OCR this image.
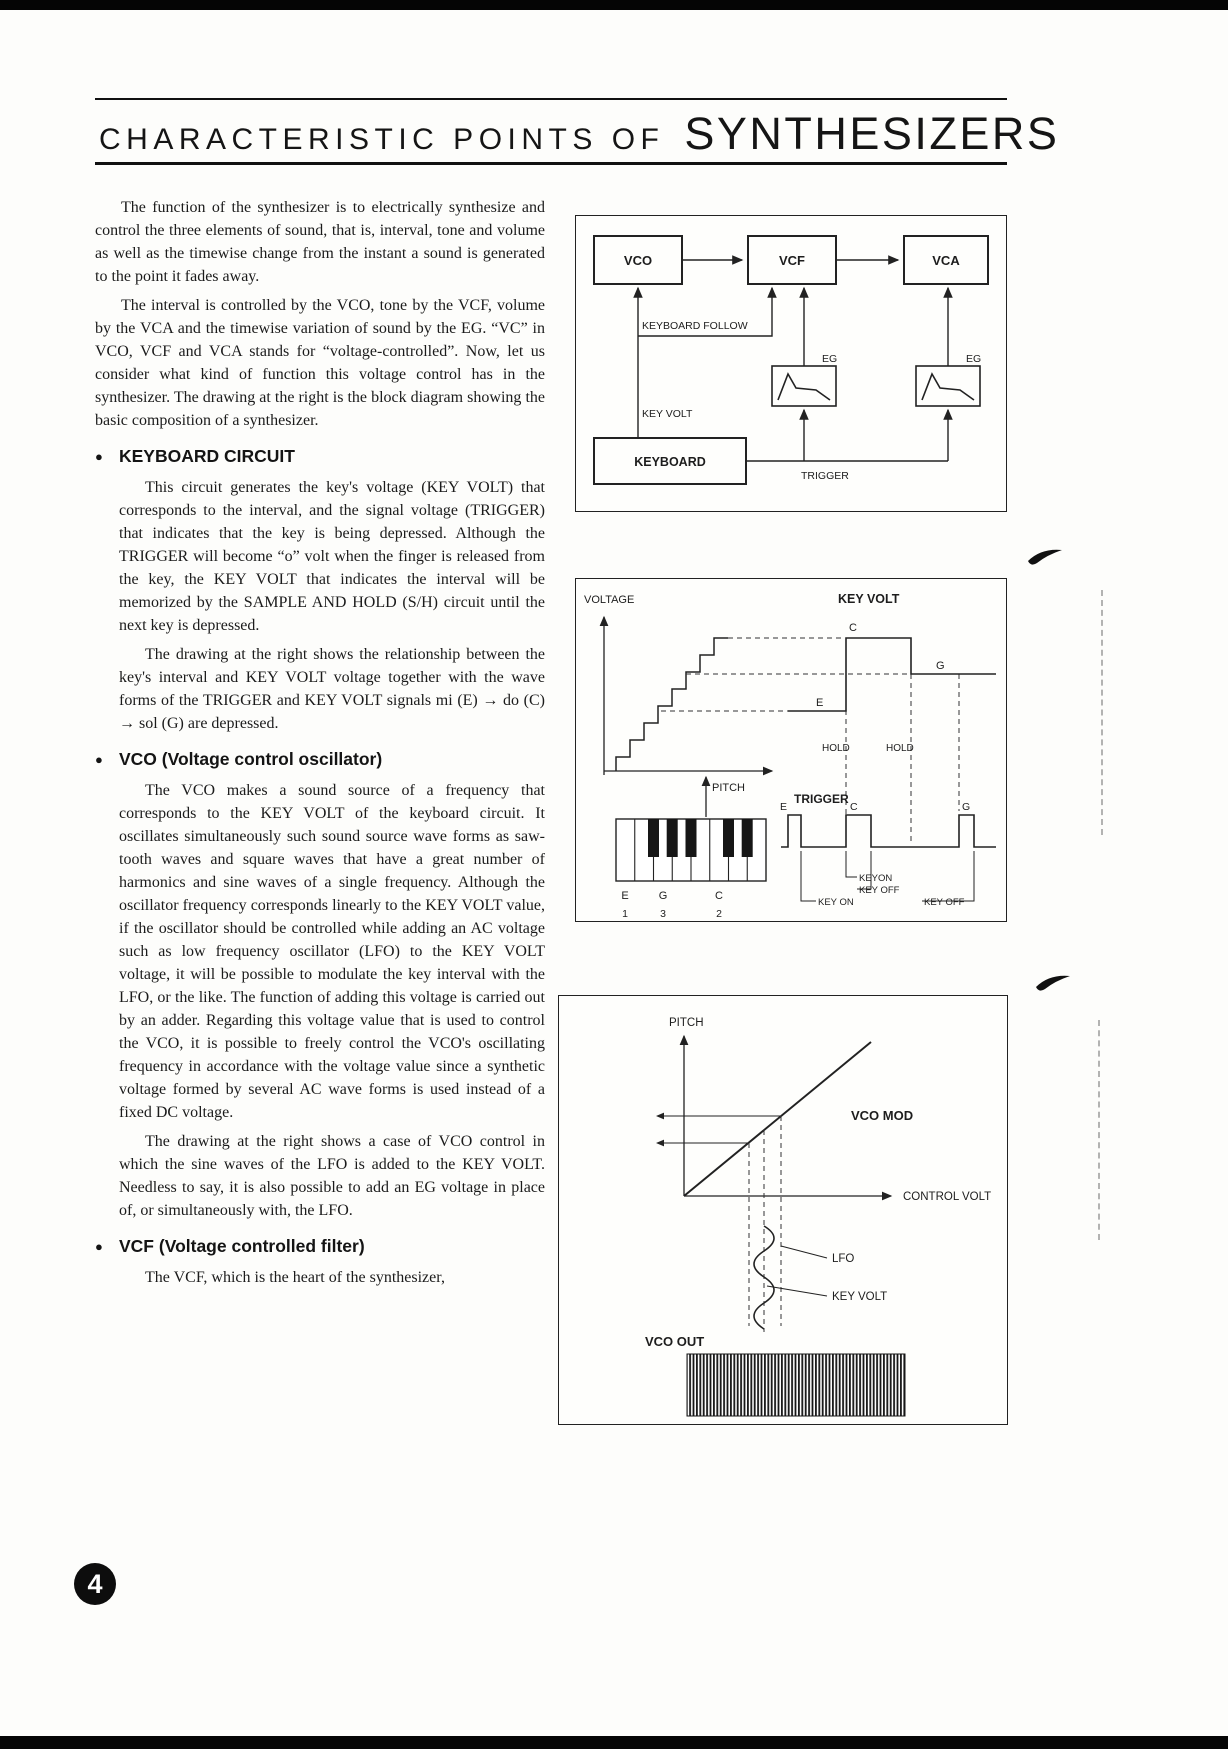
CHARACTERISTIC POINTS OF SYNTHESIZERS

The function of the synthesizer is to electrically synthesize and control the three elements of sound, that is, interval, tone and volume as well as the timewise change from the instant a sound is generated to the point it fades away.

The interval is controlled by the VCO, tone by the VCF, volume by the VCA and the timewise variation of sound by the EG. “VC” in VCO, VCF and VCA stands for “voltage-controlled”. Now, let us consider what kind of function this voltage control has in the synthesizer. The drawing at the right is the block diagram showing the basic composition of a synthesizer.

● KEYBOARD CIRCUIT

This circuit generates the key's voltage (KEY VOLT) that corresponds to the interval, and the signal voltage (TRIGGER) that indicates that the key is being depressed. Although the TRIGGER will become “o” volt when the finger is released from the key, the KEY VOLT that indicates the interval will be memorized by the SAMPLE AND HOLD (S/H) circuit until the next key is depressed.

The drawing at the right shows the relationship between the key's interval and KEY VOLT voltage together with the wave forms of the TRIGGER and KEY VOLT signals mi (E) → do (C) → sol (G) are depressed.

● VCO (Voltage control oscillator)

The VCO makes a sound source of a frequency that corresponds to the KEY VOLT of the keyboard circuit. It oscillates simultaneously such sound source wave forms as saw-tooth waves and square waves that have a great number of harmonics and sine waves of a single frequency. Although the oscillator frequency corresponds linearly to the KEY VOLT value, if the oscillator should be controlled while adding an AC voltage such as low frequency oscillator (LFO) to the KEY VOLT voltage, it will be possible to modulate the key interval with the LFO, or the like. The function of adding this voltage is carried out by an adder. Regarding this voltage value that is used to control the VCO, it is possible to freely control the VCO's oscillating frequency in accordance with the voltage value since a synthetic voltage formed by several AC wave forms is used instead of a fixed DC voltage.

The drawing at the right shows a case of VCO control in which the sine waves of the LFO is added to the KEY VOLT. Needless to say, it is also possible to add an EG voltage in place of, or simultaneously with, the LFO.

● VCF (Voltage controlled filter)

The VCF, which is the heart of the synthesizer,

VCO	VCF	VCA
KEYBOARD FOLLOW
EG	EG
KEY VOLT
KEYBOARD
TRIGGER
VOLTAGE	KEY VOLT
C
G
E
HOLD	HOLD
PITCH
TRIGGER
E	C	G
KEYON
KEY OFF
KEY ON	KEY OFF
E	G	C
1	3	2
PITCH
VCO MOD
CONTROL VOLT
LFO
KEY VOLT
VCO OUT
4
